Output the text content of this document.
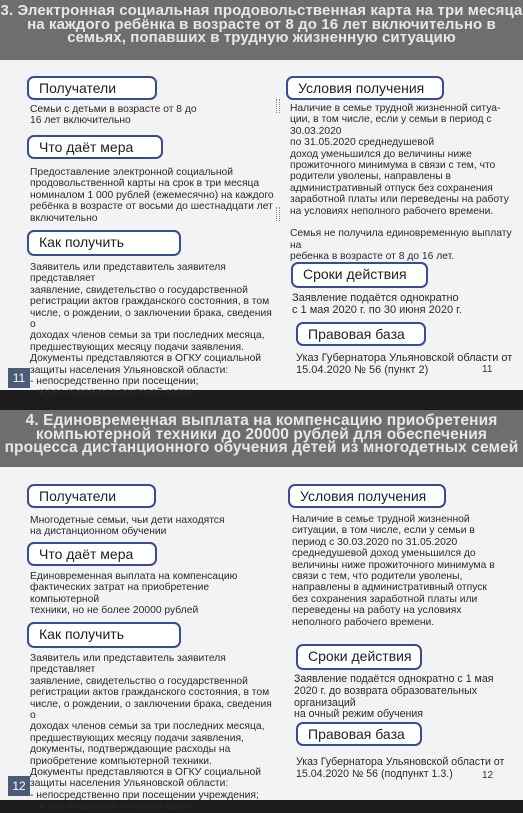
3. Электронная социальная продовольственная карта на три месяца на каждого ребёнка в возрасте от 8 до 16 лет включительно в семьях, попавших в трудную жизненную ситуацию
Получатели
Семьи с детьми в возрасте от 8 до
16 лет включительно
Что даёт мера
Предоставление электронной социальной
продовольственной карты на срок в три месяца
номиналом 1 000 рублей (ежемесячно) на каждого
ребёнка в возрасте от восьми до шестнадцати лет
включительно
Как получить
Заявитель или представитель заявителя представляет
заявление, свидетельство о государственной
регистрации актов гражданского состояния, в том
числе, о рождении, о заключении брака, сведения о
доходах членов семьи за три последних месяца,
предшествующих месяцу подачи заявления.
Документы представляются в ОГКУ социальной
защиты населения Ульяновской области:
- непосредственно при посещении;
- через оператора почтовой связи.
Условия получения
Наличие в семье трудной жизненной ситуа-
ции, в том числе, если у семьи в период с 30.03.2020
по 31.05.2020 среднедушевой
доход уменьшился до величины ниже
прожиточного минимума в связи с тем, что
родители уволены, направлены в
административный отпуск без сохранения
заработной платы или переведены на работу
на условиях неполного рабочего времени.

Семья не получила единовременную выплату на
ребенка в возрасте от 8 до 16 лет.
Сроки действия
Заявление подаётся однократно
с 1 мая 2020 г. по 30 июня 2020 г.
Правовая база
Указ Губернатора Ульяновской области от
15.04.2020 № 56 (пункт 2)	11
11
4. Единовременная выплата на компенсацию приобретения компьютерной техники до 20000 рублей для обеспечения процесса дистанционного обучения детей из многодетных семей
Получатели
Многодетные семьи, чьи дети находятся
на дистанционном обучении
Что даёт мера
Единовременная выплата на компенсацию
фактических затрат на приобретение компьютерной
техники, но не более 20000 рублей
Как получить
Заявитель или представитель заявителя представляет
заявление, свидетельство о государственной
регистрации актов гражданского состояния, в том
числе, о рождении, о заключении брака, сведения о
доходах членов семьи за три последних месяца,
предшествующих месяцу подачи заявления,
документы, подтверждающие расходы на
приобретение компьютерной техники.
Документы представляются в ОГКУ социальной
защиты населения Ульяновской области:
- непосредственно при посещении учреждения;
- через оператора почтовой связи.
Условия получения
Наличие в семье трудной жизненной
ситуации, в том числе, если у семьи в
период с 30.03.2020 по 31.05.2020
среднедушевой доход уменьшился до
величины ниже прожиточного минимума в
связи с тем, что родители уволены,
направлены в административный отпуск
без сохранения заработной платы или
переведены на работу на условиях
неполного рабочего времени.
Сроки действия
Заявление подаётся однократно с 1 мая
2020 г. до возврата образовательных организаций
на очный режим обучения
Правовая база
Указ Губернатора Ульяновской области от
15.04.2020 № 56 (подпункт 1.3.)	12
12
